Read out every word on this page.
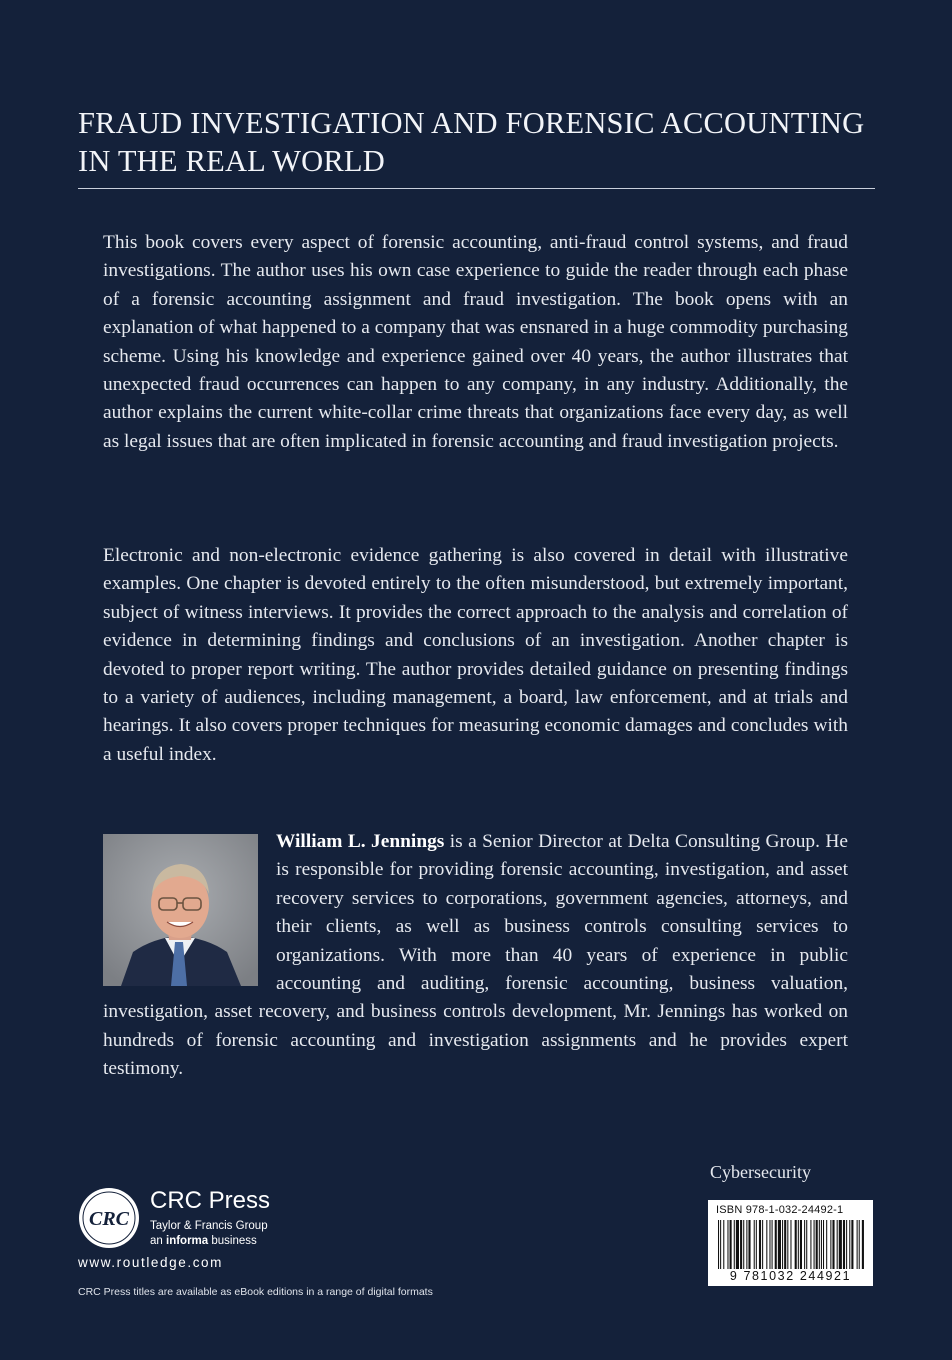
FRAUD INVESTIGATION AND FORENSIC ACCOUNTING
IN THE REAL WORLD

This book covers every aspect of forensic accounting, anti-fraud control systems, and fraud investigations. The author uses his own case experience to guide the reader through each phase of a forensic accounting assignment and fraud investigation. The book opens with an explanation of what happened to a company that was ensnared in a huge commodity purchasing scheme. Using his knowledge and experience gained over 40 years, the author illustrates that unexpected fraud occurrences can happen to any company, in any industry. Additionally, the author explains the current white-collar crime threats that organizations face every day, as well as legal issues that are often implicated in forensic accounting and fraud investigation projects.

Electronic and non-electronic evidence gathering is also covered in detail with illustrative examples. One chapter is devoted entirely to the often misunderstood, but extremely important, subject of witness interviews. It provides the correct approach to the analysis and correlation of evidence in determining findings and conclusions of an investigation. Another chapter is devoted to proper report writing. The author provides detailed guidance on presenting findings to a variety of audiences, including management, a board, law enforcement, and at trials and hearings. It also covers proper techniques for measuring economic damages and concludes with a useful index.

William L. Jennings is a Senior Director at Delta Consulting Group. He is responsible for providing forensic accounting, investigation, and asset recovery services to corporations, government agencies, attorneys, and their clients, as well as business controls consulting services to organizations. With more than 40 years of experience in public accounting and auditing, forensic accounting, business valuation, investigation, asset recovery, and business controls development, Mr. Jennings has worked on hundreds of forensic accounting and investigation assignments and he provides expert testimony.
Cybersecurity
CRC
CRC Press
Taylor & Francis Group
an informa business
www.routledge.com
CRC Press titles are available as eBook editions in a range of digital formats
ISBN 978-1-032-24492-1
9 781032 244921
